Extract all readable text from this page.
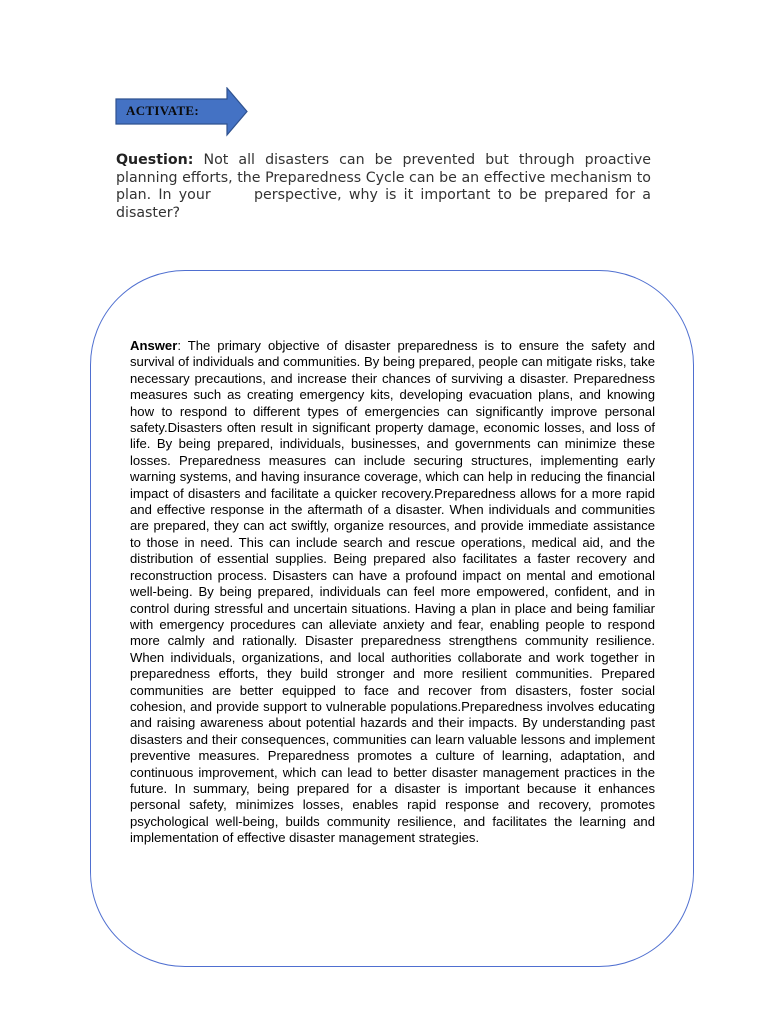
ACTIVATE:
Question: Not all disasters can be prevented but through proactive planning efforts, the Preparedness Cycle can be an effective mechanism to plan. In your      perspective, why is it important to be prepared for a disaster?

Answer: The primary objective of disaster preparedness is to ensure the safety and survival of individuals and communities. By being prepared, people can mitigate risks, take necessary precautions, and increase their chances of surviving a disaster. Preparedness measures such as creating emergency kits, developing evacuation plans, and knowing how to respond to different types of emergencies can significantly improve personal safety.Disasters often result in significant property damage, economic losses, and loss of life. By being prepared, individuals, businesses, and governments can minimize these losses. Preparedness measures can include securing structures, implementing early warning systems, and having insurance coverage, which can help in reducing the financial impact of disasters and facilitate a quicker recovery.Preparedness allows for a more rapid and effective response in the aftermath of a disaster. When individuals and communities are prepared, they can act swiftly, organize resources, and provide immediate assistance to those in need. This can include search and rescue operations, medical aid, and the distribution of essential supplies. Being prepared also facilitates a faster recovery and reconstruction process. Disasters can have a profound impact on mental and emotional well-being. By being prepared, individuals can feel more empowered, confident, and in control during stressful and uncertain situations. Having a plan in place and being familiar with emergency procedures can alleviate anxiety and fear, enabling people to respond more calmly and rationally. Disaster preparedness strengthens community resilience. When individuals, organizations, and local authorities collaborate and work together in preparedness efforts, they build stronger and more resilient communities. Prepared communities are better equipped to face and recover from disasters, foster social cohesion, and provide support to vulnerable populations.Preparedness involves educating and raising awareness about potential hazards and their impacts. By understanding past disasters and their consequences, communities can learn valuable lessons and implement preventive measures. Preparedness promotes a culture of learning, adaptation, and continuous improvement, which can lead to better disaster management practices in the future. In summary, being prepared for a disaster is important because it enhances personal safety, minimizes losses, enables rapid response and recovery, promotes psychological well-being, builds community resilience, and facilitates the learning and implementation of effective disaster management strategies.
